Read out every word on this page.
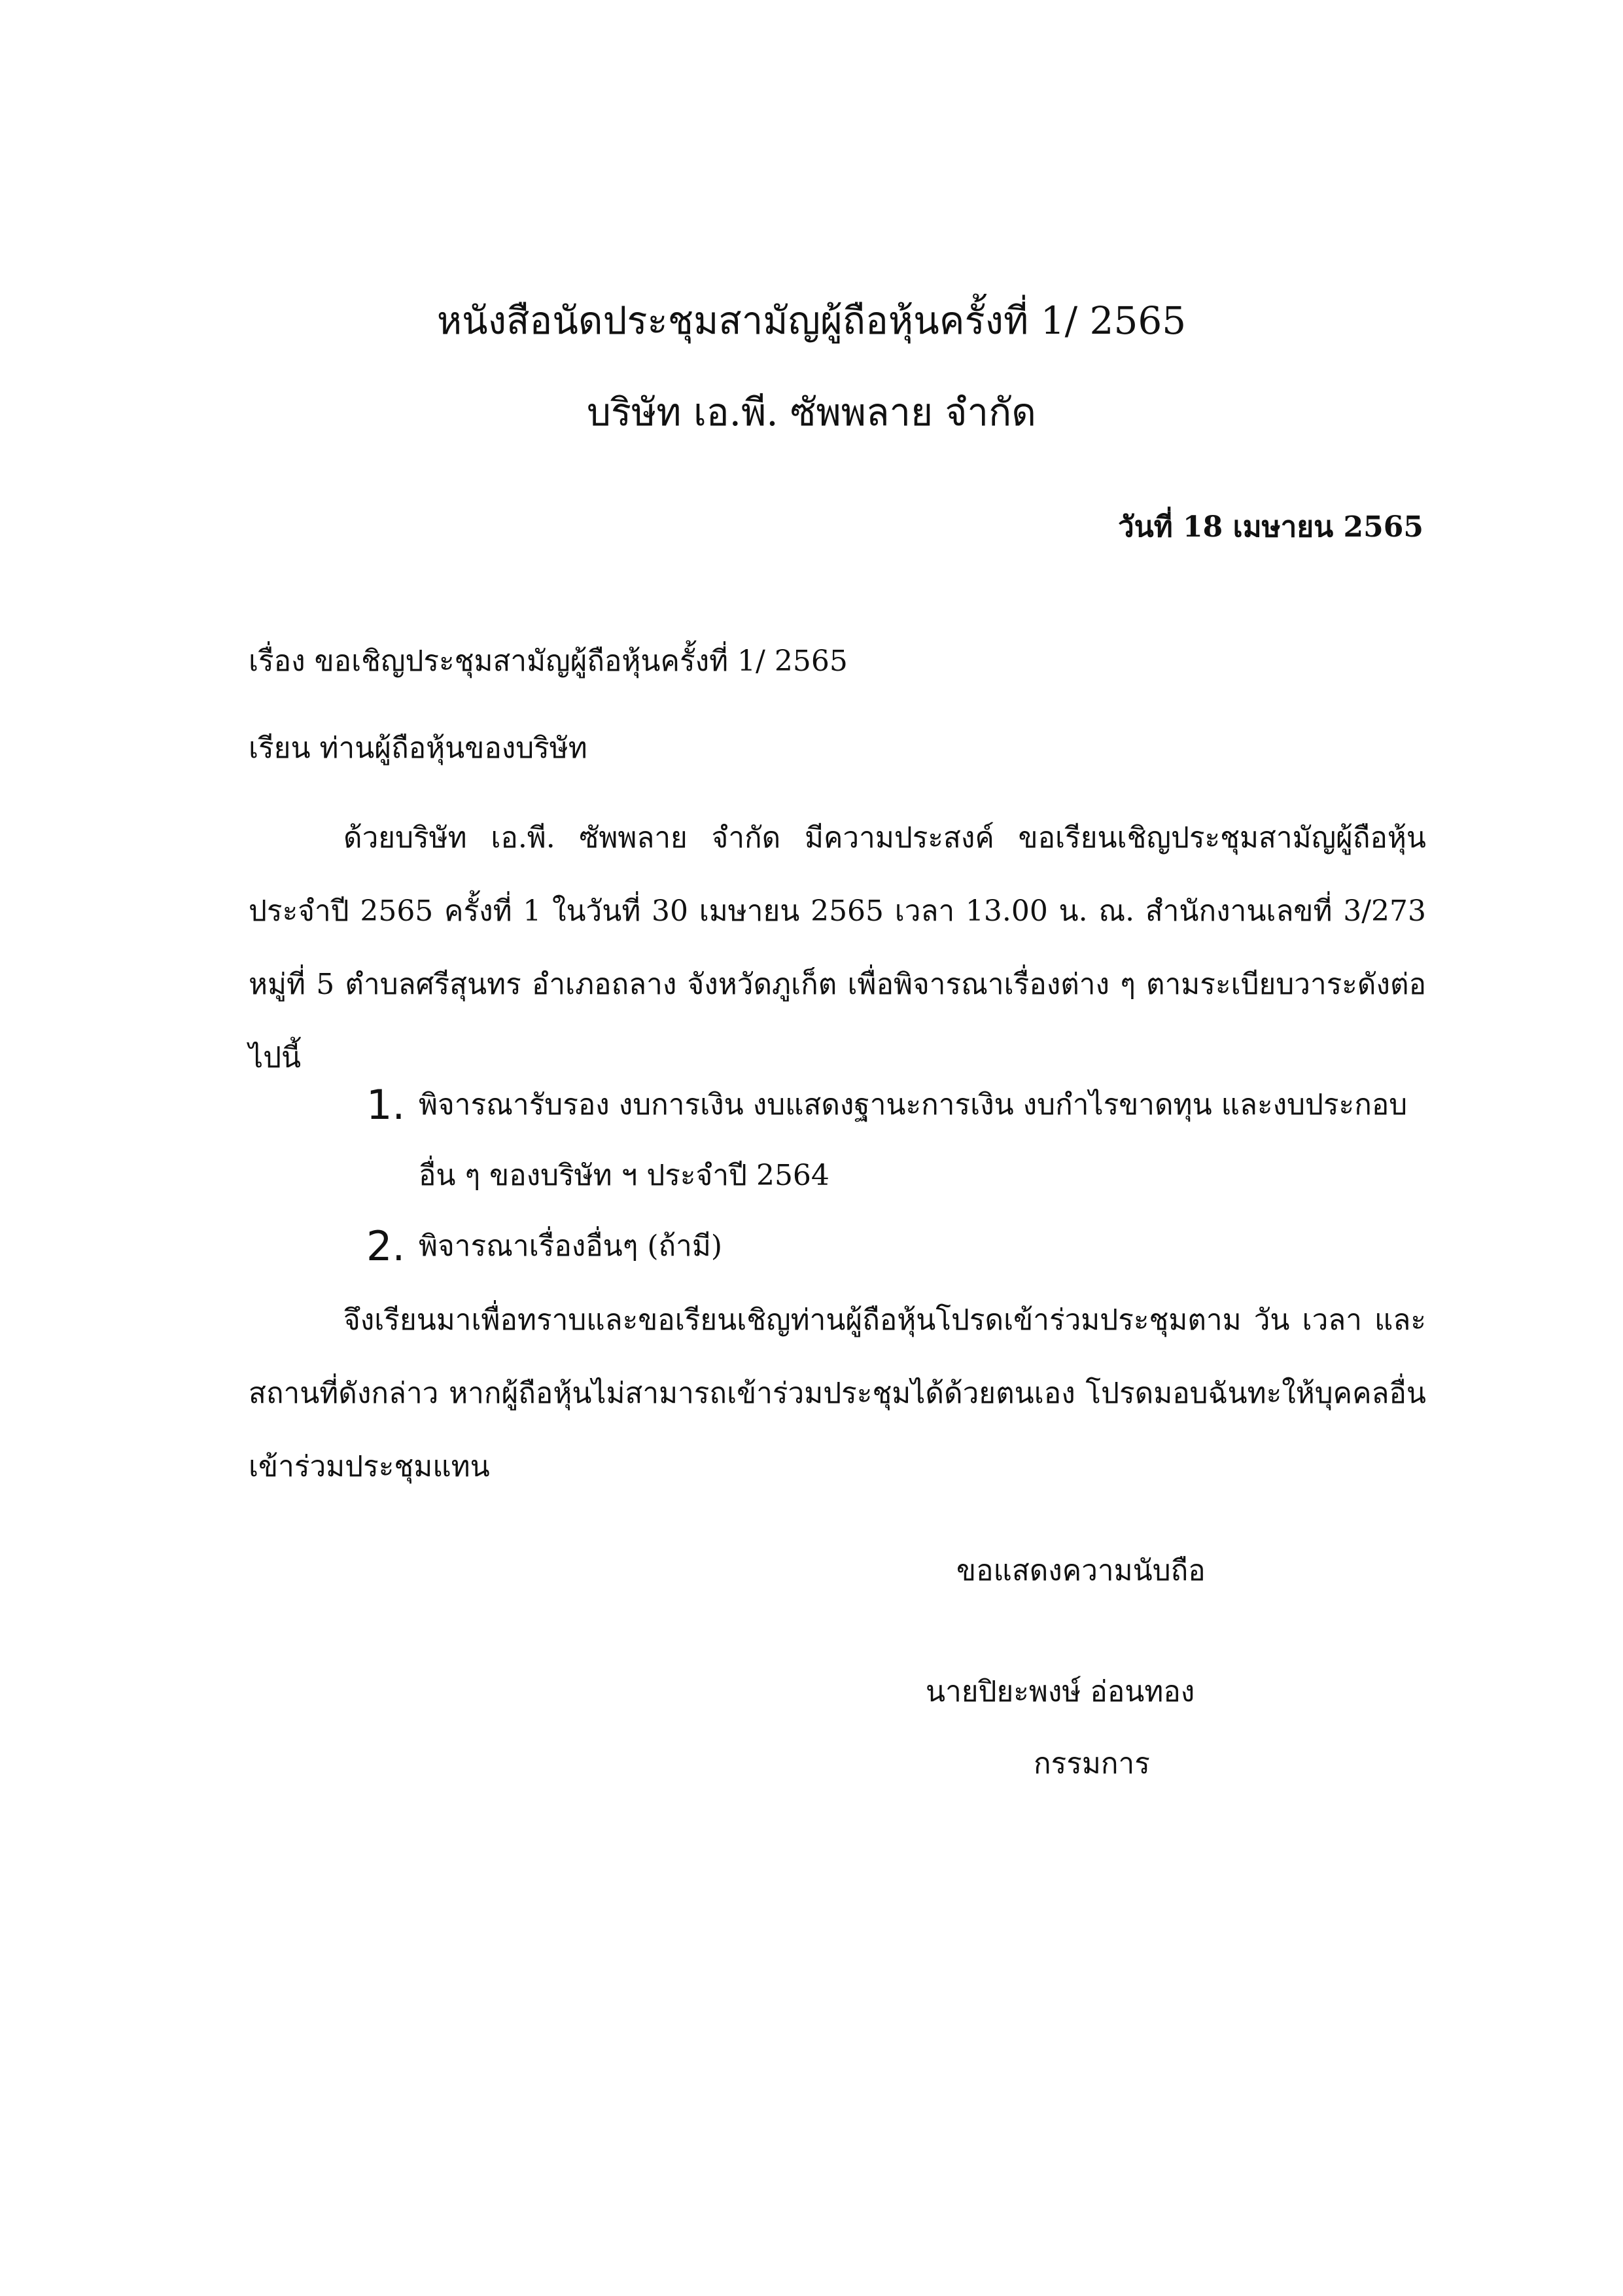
หนังสือนัดประชุมสามัญผู้ถือหุ้นครั้งที่ 1/ 2565
บริษัท เอ.พี. ซัพพลาย จำกัด
วันที่ 18 เมษายน 2565
เรื่อง ขอเชิญประชุมสามัญผู้ถือหุ้นครั้งที่ 1/ 2565
เรียน ท่านผู้ถือหุ้นของบริษัท

ด้วยบริษัท เอ.พี. ซัพพลาย จำกัด มีความประสงค์ ขอเรียนเชิญประชุมสามัญผู้ถือหุ้นประจำปี 2565 ครั้งที่ 1 ในวันที่ 30 เมษายน 2565 เวลา 13.00 น. ณ. สำนักงานเลขที่ 3/273 หมู่ที่ 5 ตำบลศรีสุนทร อำเภอถลาง จังหวัดภูเก็ต เพื่อพิจารณาเรื่องต่าง ๆ ตามระเบียบวาระดังต่อไปนี้

1. พิจารณารับรอง งบการเงิน งบแสดงฐานะการเงิน งบกำไรขาดทุน และงบประกอบอื่น ๆ ของบริษัท ฯ ประจำปี 2564
2. พิจารณาเรื่องอื่นๆ (ถ้ามี)

จึงเรียนมาเพื่อทราบและขอเรียนเชิญท่านผู้ถือหุ้นโปรดเข้าร่วมประชุมตาม วัน เวลา และสถานที่ดังกล่าว หากผู้ถือหุ้นไม่สามารถเข้าร่วมประชุมได้ด้วยตนเอง โปรดมอบฉันทะให้บุคคลอื่นเข้าร่วมประชุมแทน

ขอแสดงความนับถือ
นายปิยะพงษ์ อ่อนทอง
กรรมการ
